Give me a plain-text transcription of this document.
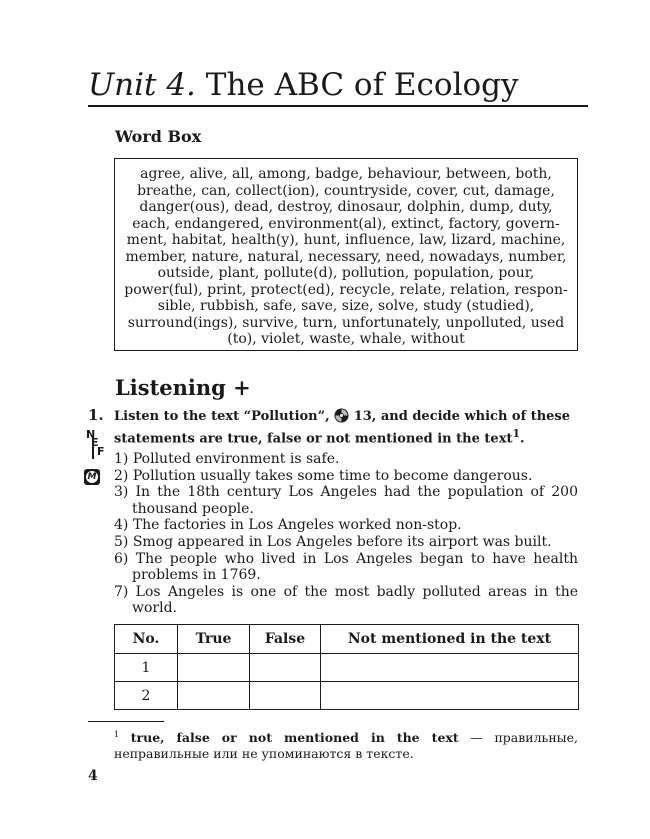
Unit 4. The ABC of Ecology
Word Box
agree, alive, all, among, badge, behaviour, between, both,
breathe, can, collect(ion), countryside, cover, cut, damage,
danger(ous), dead, destroy, dinosaur, dolphin, dump, duty,
each, endangered, environment(al), extinct, factory, govern-
ment, habitat, health(y), hunt, influence, law, lizard, machine,
member, nature, natural, necessary, need, nowadays, number,
outside, plant, pollute(d), pollution, population, pour,
power(ful), print, protect(ed), recycle, relate, relation, respon-
sible, rubbish, safe, save, size, solve, study (studied),
surround(ings), survive, turn, unfortunately, unpolluted, used
(to), violet, waste, whale, without
Listening +
1. Listen to the text “Pollution”, 13, and decide which of these statements are true, false or not mentioned in the text$^1$.
N
E
F
M
1) Polluted environment is safe.
2) Pollution usually takes some time to become dangerous.
3) In the 18th century Los Angeles had the population of 200 thousand people.
4) The factories in Los Angeles worked non-stop.
5) Smog appeared in Los Angeles before its airport was built.
6) The people who lived in Los Angeles began to have health problems in 1769.
7) Los Angeles is one of the most badly polluted areas in the world.
No.	True	False	Not mentioned in the text
1			
2			
$^1$ true, false or not mentioned in the text — правильные, неправильные или не упоминаются в тексте.
4
